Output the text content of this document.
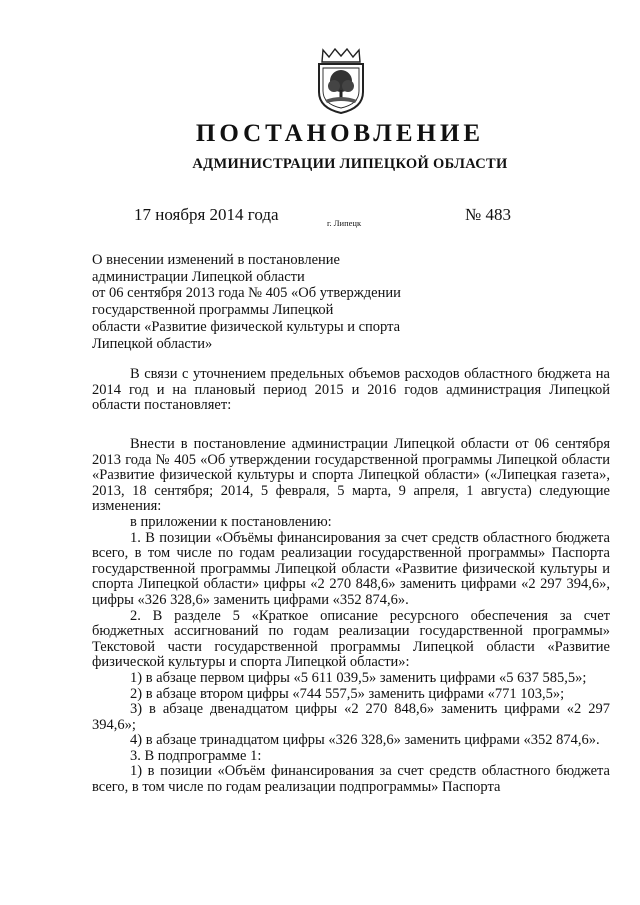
ПОСТАНОВЛЕНИЕ
АДМИНИСТРАЦИИ ЛИПЕЦКОЙ ОБЛАСТИ
17 ноября 2014 года	г. Липецк	№ 483
О внесении изменений в постановление
администрации Липецкой области
от 06 сентября 2013 года № 405 «Об утверждении
государственной программы Липецкой
области «Развитие физической культуры и спорта
Липецкой области»

В связи с уточнением предельных объемов расходов областного бюджета на 2014 год и на плановый период 2015 и 2016 годов администрация Липецкой области постановляет:

Внести в постановление администрации Липецкой области от 06 сентября 2013 года № 405 «Об утверждении государственной программы Липецкой области «Развитие физической культуры и спорта Липецкой области» («Липецкая газета», 2013, 18 сентября; 2014, 5 февраля, 5 марта, 9 апреля, 1 августа) следующие изменения:

в приложении к постановлению:

1. В позиции «Объёмы финансирования за счет средств областного бюджета всего, в том числе по годам реализации государственной программы» Паспорта государственной программы Липецкой области «Развитие физической культуры и спорта Липецкой области» цифры «2 270 848,6» заменить цифрами «2 297 394,6», цифры «326 328,6» заменить цифрами «352 874,6».

2. В разделе 5 «Краткое описание ресурсного обеспечения за счет бюджетных ассигнований по годам реализации государственной программы» Текстовой части государственной программы Липецкой области «Развитие физической культуры и спорта Липецкой области»:

1) в абзаце первом цифры «5 611 039,5» заменить цифрами «5 637 585,5»;

2) в абзаце втором цифры «744 557,5» заменить цифрами «771 103,5»;

3) в абзаце двенадцатом цифры «2 270 848,6» заменить цифрами «2 297 394,6»;

4) в абзаце тринадцатом цифры «326 328,6» заменить цифрами «352 874,6».

3. В подпрограмме 1:

1) в позиции «Объём финансирования за счет средств областного бюджета всего, в том числе по годам реализации подпрограммы» Паспорта
